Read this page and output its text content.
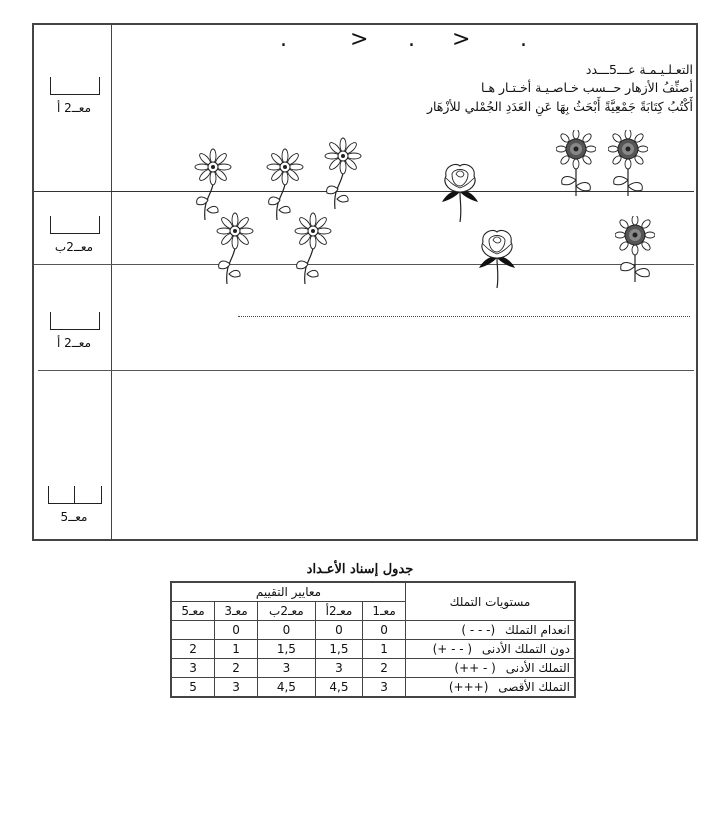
.	> . > .
التعـلـيـمـة عـــ5ـــدد
أصنِّفُ الأزهار حــسب خـاصـيـة أخـتـار هـا
أَكْتُبُ كِتَابَةً جَمْعِيَّةً أَبْحَثُ بِهَا عَنِ العَدَدِ الجُمْلي للأزْهَار
معــ2 أ
معــ2ب
معــ2 أ
معــ5
جدول إسناد الأعـداد
مستويات التملك	معايير التقييم				
	معـ1	معـ2أ	معـ2ب	معـ3	معـ5
انعدام التملك ( - - -)	0	0	0	0	
دون التملك الأدنى (+ - - )	1	1,5	1,5	1	2
التملك الأدنى (++ - )	2	3	3	2	3
التملك الأقصى (+++)	3	4,5	4,5	3	5
